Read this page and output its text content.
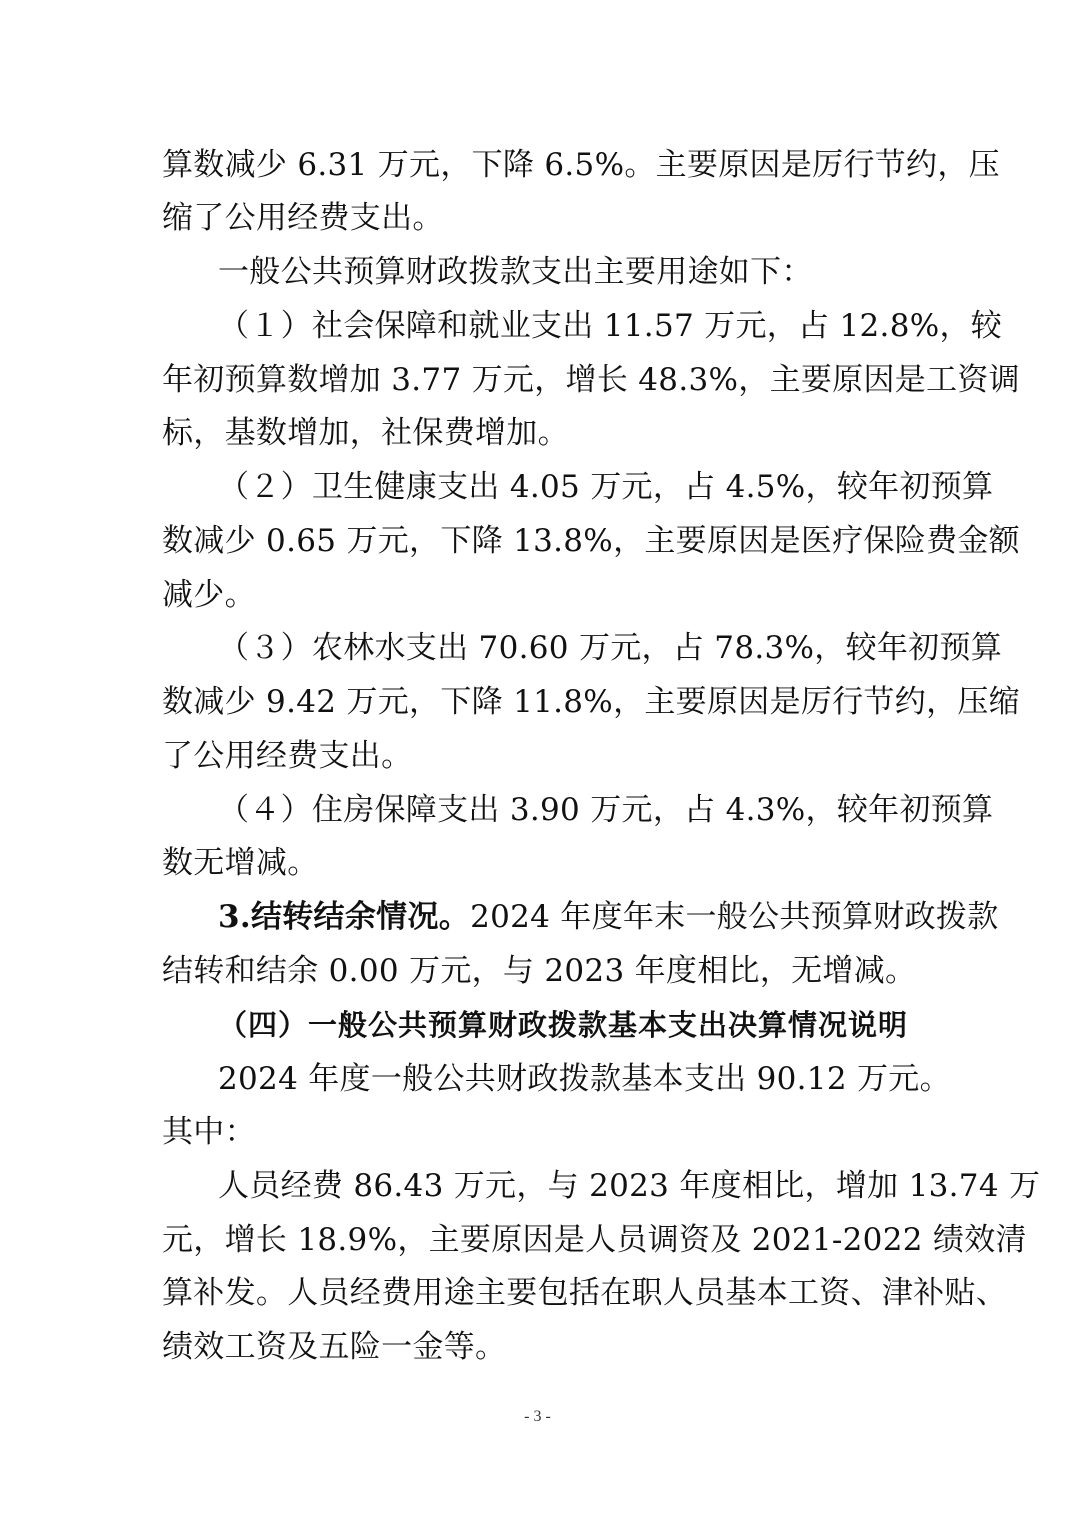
算数减少 6.31 万元，下降 6.5%。主要原因是厉行节约，压
缩了公用经费支出。
一般公共预算财政拨款支出主要用途如下：
（１）社会保障和就业支出 11.57 万元，占 12.8%，较
年初预算数增加 3.77 万元，增长 48.3%，主要原因是工资调
标，基数增加，社保费增加。
（２）卫生健康支出 4.05 万元，占 4.5%，较年初预算
数减少 0.65 万元，下降 13.8%，主要原因是医疗保险费金额
减少。
（３）农林水支出 70.60 万元，占 78.3%，较年初预算
数减少 9.42 万元，下降 11.8%，主要原因是厉行节约，压缩
了公用经费支出。
（４）住房保障支出 3.90 万元，占 4.3%，较年初预算
数无增减。
3.结转结余情况。2024 年度年末一般公共预算财政拨款
结转和结余 0.00 万元，与 2023 年度相比，无增减。
（四）一般公共预算财政拨款基本支出决算情况说明
2024 年度一般公共财政拨款基本支出 90.12 万元。
其中：
人员经费 86.43 万元，与 2023 年度相比，增加 13.74 万
元，增长 18.9%，主要原因是人员调资及 2021-2022 绩效清
算补发。人员经费用途主要包括在职人员基本工资、津补贴、
绩效工资及五险一金等。
- 3 -
